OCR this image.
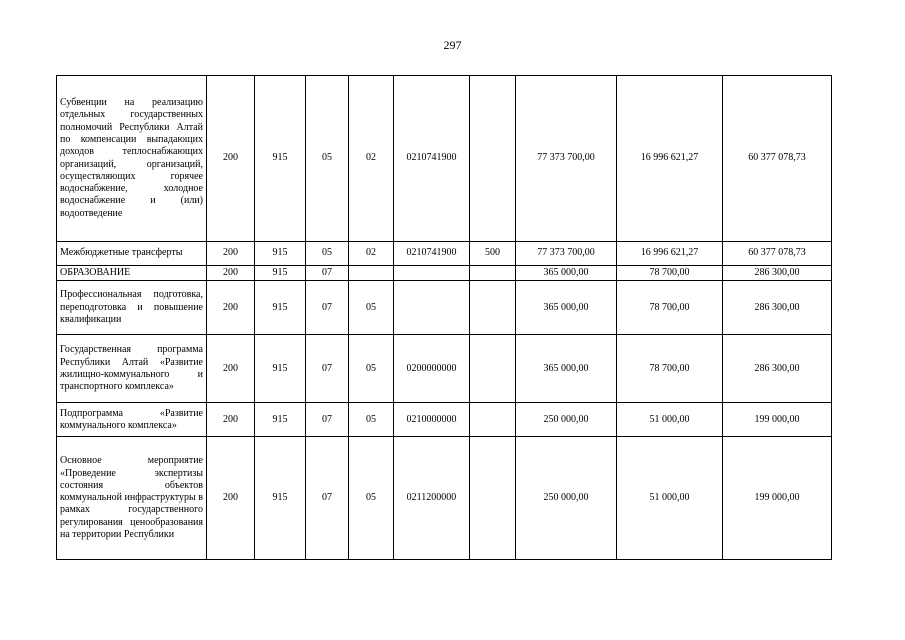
297
Субвенции на реализацию отдельных государственных полномочий Республики Алтай по компенсации выпадающих доходов теплоснабжающих организаций, организаций, осуществляющих горячее водоснабжение, холодное водоснабжение и (или) водоотведение	200	915	05	02	0210741900		77 373 700,00	16 996 621,27	60 377 078,73
Межбюджетные трансферты	200	915	05	02	0210741900	500	77 373 700,00	16 996 621,27	60 377 078,73
ОБРАЗОВАНИЕ	200	915	07				365 000,00	78 700,00	286 300,00
Профессиональная подготовка, переподготовка и повышение квалификации	200	915	07	05			365 000,00	78 700,00	286 300,00
Государственная программа Республики Алтай «Развитие жилищно-коммунального и транспортного комплекса»	200	915	07	05	0200000000		365 000,00	78 700,00	286 300,00
Подпрограмма «Развитие коммунального комплекса»	200	915	07	05	0210000000		250 000,00	51 000,00	199 000,00
Основное мероприятие «Проведение экспертизы состояния объектов коммунальной инфраструктуры в рамках государственного регулирования ценообразования на территории Республики	200	915	07	05	0211200000		250 000,00	51 000,00	199 000,00
